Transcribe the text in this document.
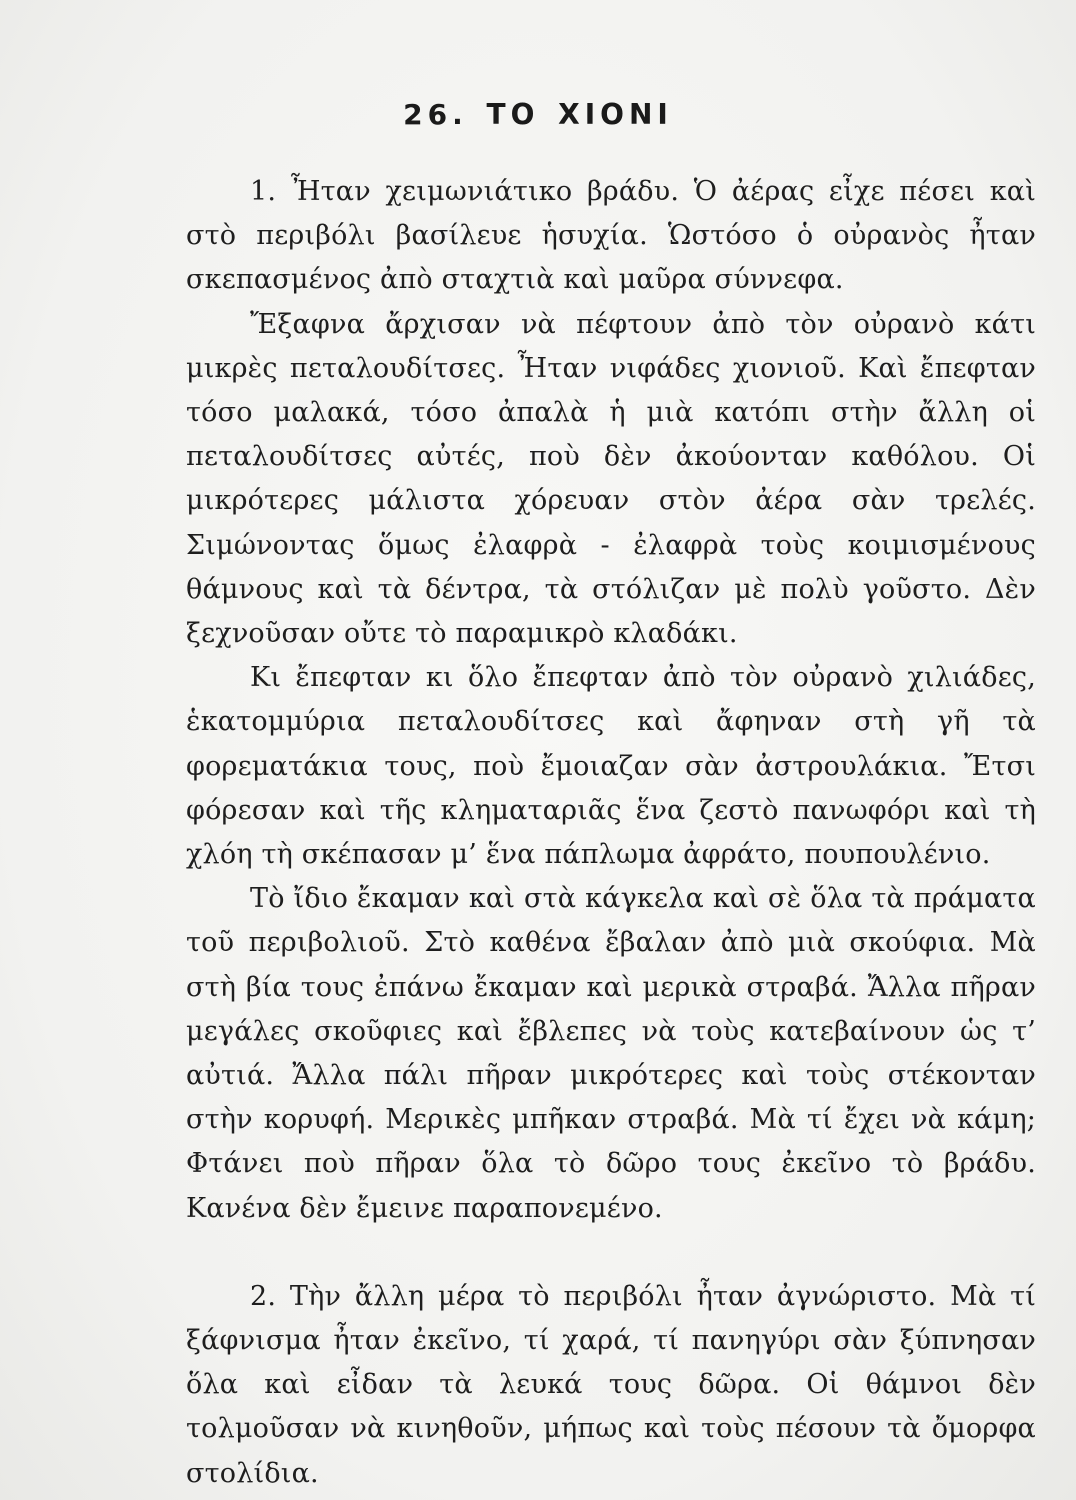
26. ΤΟ ΧΙΟΝΙ

1. Ἦταν χειμωνιάτικο βράδυ. Ὁ ἀέρας εἶχε πέσει καὶ στὸ περιβόλι βασίλευε ἡσυχία. Ὡστόσο ὁ οὐρανὸς ἦταν σκεπασμένος ἀπὸ σταχτιὰ καὶ μαῦρα σύννεφα.

Ἔξαφνα ἄρχισαν νὰ πέφτουν ἀπὸ τὸν οὐρανὸ κάτι μικρὲς πεταλουδίτσες. Ἦταν νιφάδες χιονιοῦ. Καὶ ἔπεφταν τόσο μαλακά, τόσο ἀπαλὰ ἡ μιὰ κατόπι στὴν ἄλλη οἱ πεταλουδίτσες αὐτές, ποὺ δὲν ἀκούονταν καθόλου. Οἱ μικρότερες μάλιστα χόρευαν στὸν ἀέρα σὰν τρελές. Σιμώνοντας ὅμως ἐλαφρὰ - ἐλαφρὰ τοὺς κοιμισμένους θάμνους καὶ τὰ δέντρα, τὰ στόλιζαν μὲ πολὺ γοῦστο. Δὲν ξεχνοῦσαν οὔτε τὸ παραμικρὸ κλαδάκι.

Κι ἔπεφταν κι ὅλο ἔπεφταν ἀπὸ τὸν οὐρανὸ χιλιάδες, ἑκατομμύρια πεταλουδίτσες καὶ ἄφηναν στὴ γῆ τὰ φορεματάκια τους, ποὺ ἔμοιαζαν σὰν ἀστρουλάκια. Ἔτσι φόρεσαν καὶ τῆς κληματαριᾶς ἕνα ζεστὸ πανωφόρι καὶ τὴ χλόη τὴ σκέπασαν μ’ ἕνα πάπλωμα ἀφράτο, πουπουλένιο.

Τὸ ἴδιο ἔκαμαν καὶ στὰ κάγκελα καὶ σὲ ὅλα τὰ πράματα τοῦ περιβολιοῦ. Στὸ καθένα ἔβαλαν ἀπὸ μιὰ σκούφια. Μὰ στὴ βία τους ἐπάνω ἔκαμαν καὶ μερικὰ στραβά. Ἄλλα πῆραν μεγάλες σκοῦφιες καὶ ἔβλεπες νὰ τοὺς κατεβαίνουν ὡς τ’ αὐτιά. Ἄλλα πάλι πῆραν μικρότερες καὶ τοὺς στέκονταν στὴν κορυφή. Μερικὲς μπῆκαν στραβά. Μὰ τί ἔχει νὰ κάμη; Φτάνει ποὺ πῆραν ὅλα τὸ δῶρο τους ἐκεῖνο τὸ βράδυ. Κανένα δὲν ἔμεινε παραπονεμένο.

2. Τὴν ἄλλη μέρα τὸ περιβόλι ἦταν ἀγνώριστο. Μὰ τί ξάφνισμα ἦταν ἐκεῖνο, τί χαρά, τί πανηγύρι σὰν ξύπνησαν ὅλα καὶ εἶδαν τὰ λευκά τους δῶρα. Οἱ θάμνοι δὲν τολμοῦσαν νὰ κινηθοῦν, μήπως καὶ τοὺς πέσουν τὰ ὄμορφα στολίδια.
